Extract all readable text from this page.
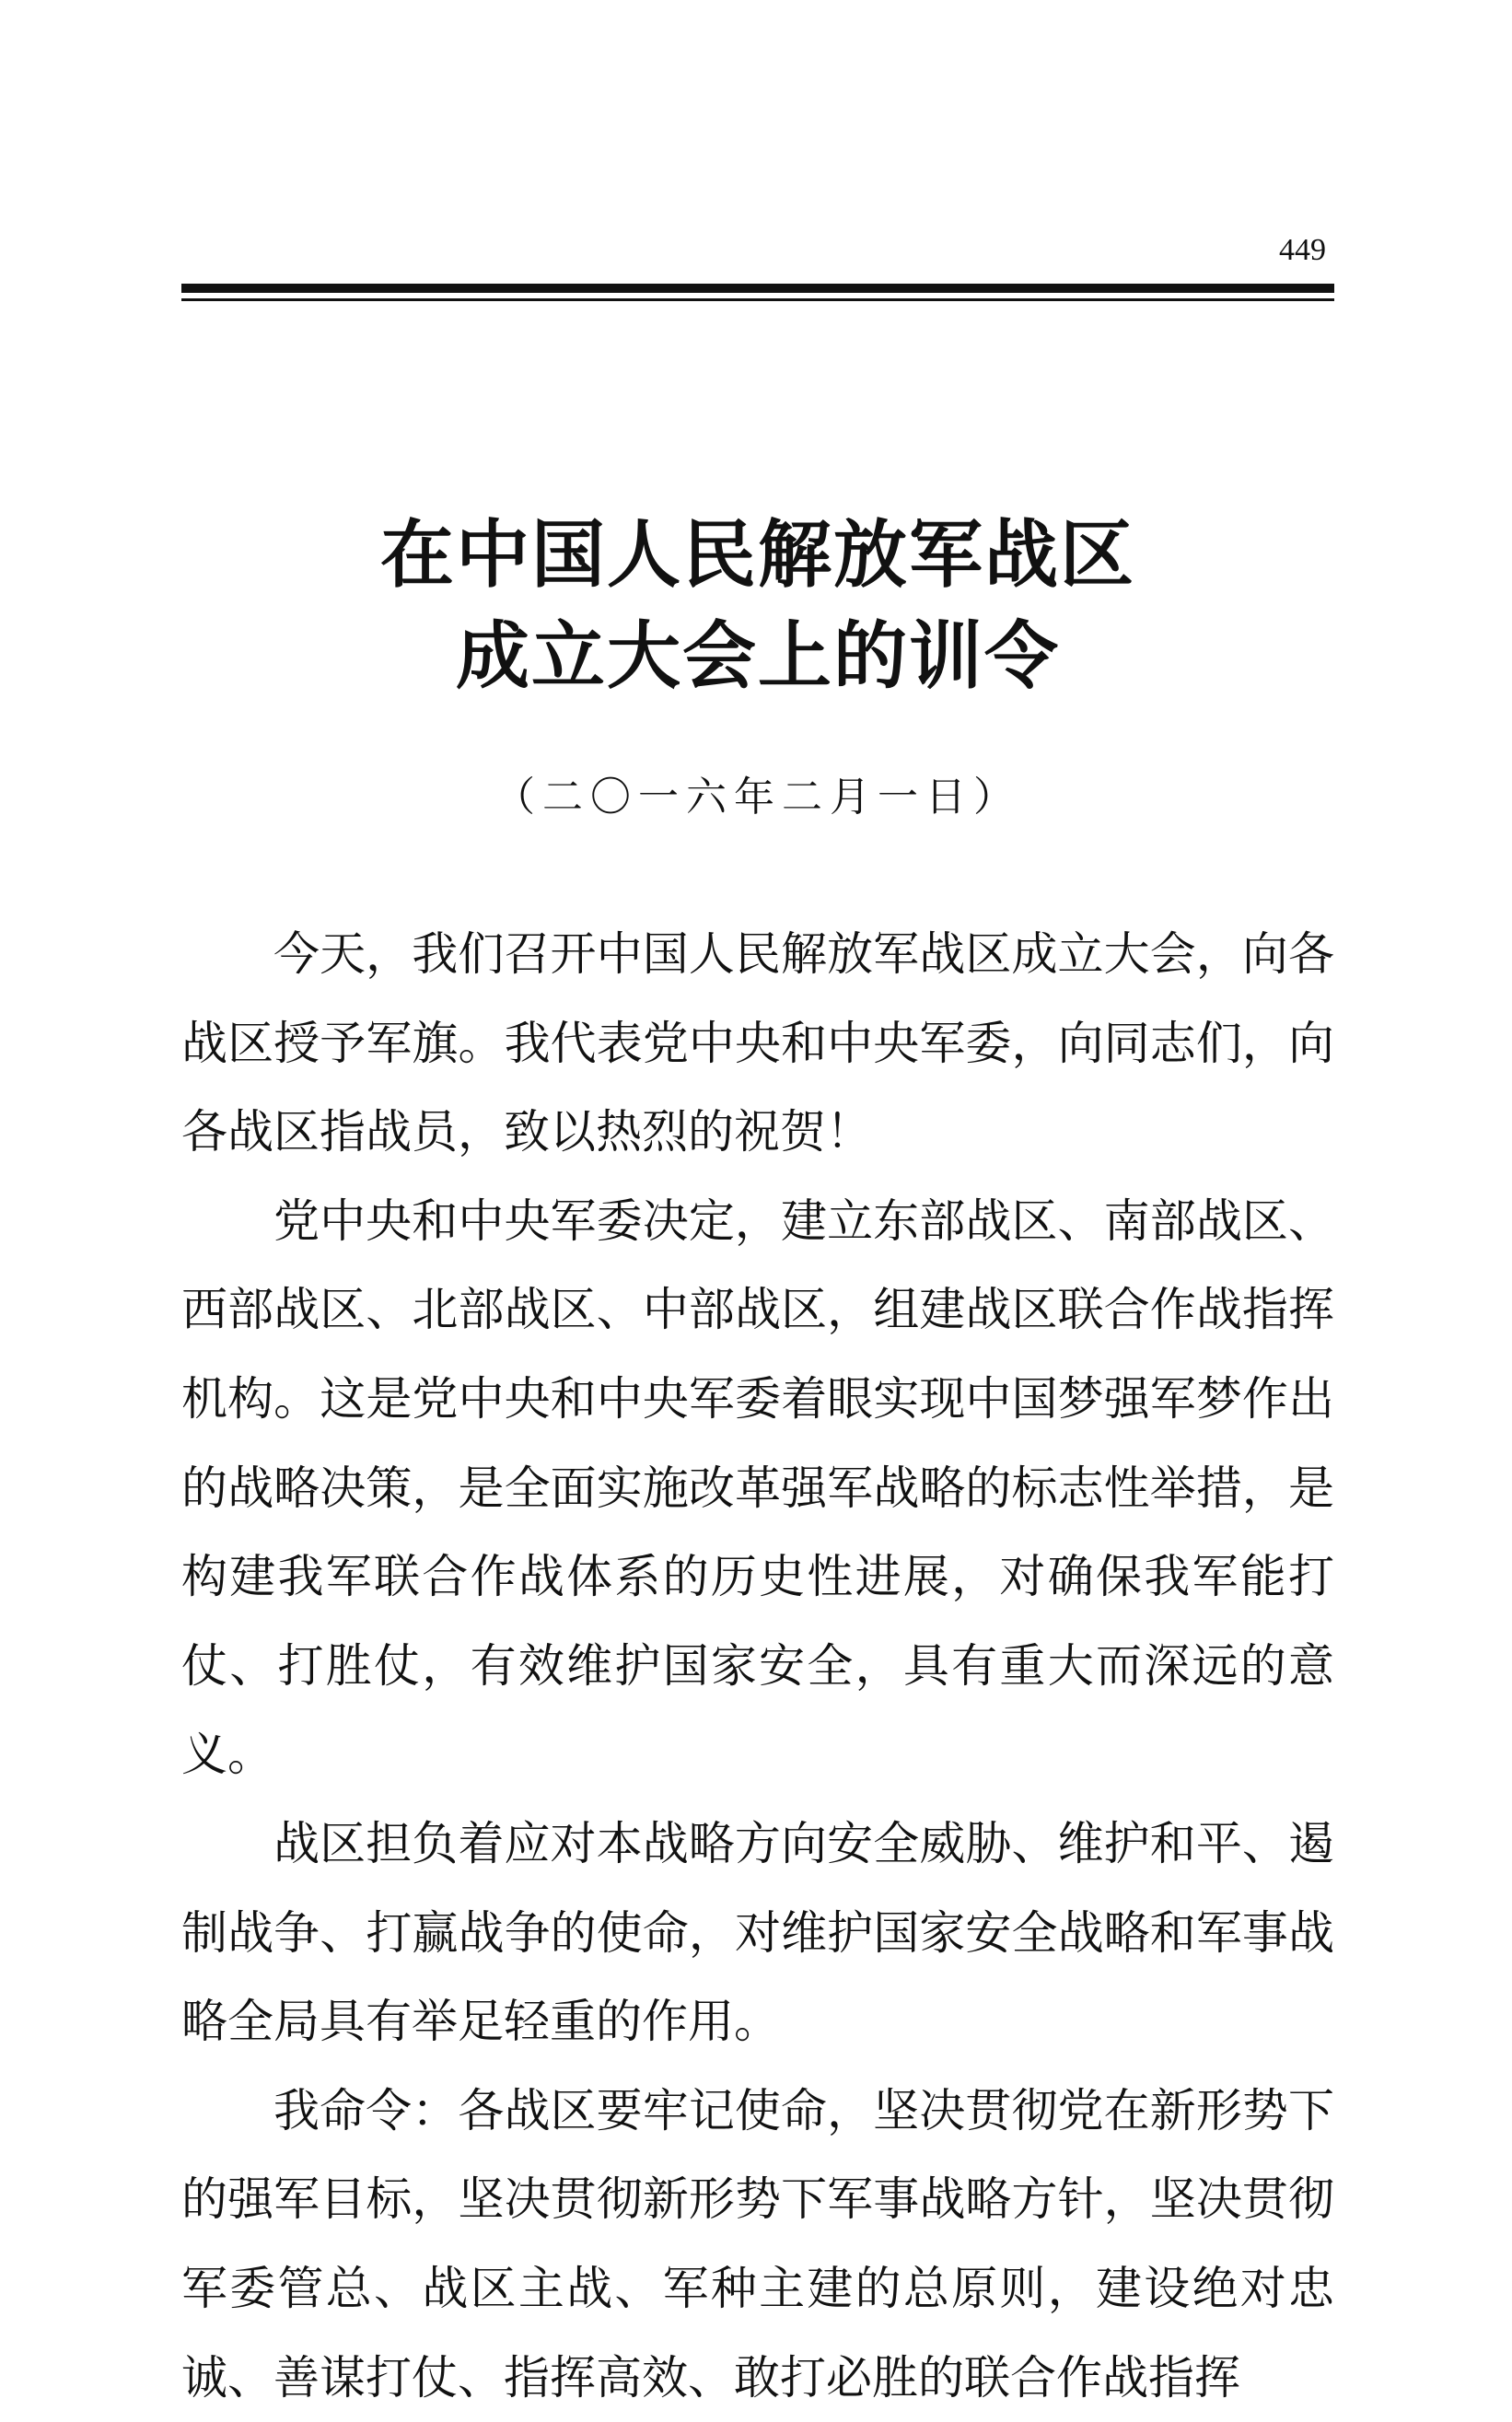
449
在中国人民解放军战区
成立大会上的训令
（二〇一六年二月一日）

今天，我们召开中国人民解放军战区成立大会，向各战区授予军旗。我代表党中央和中央军委，向同志们，向各战区指战员，致以热烈的祝贺！

党中央和中央军委决定，建立东部战区、南部战区、西部战区、北部战区、中部战区，组建战区联合作战指挥机构。这是党中央和中央军委着眼实现中国梦强军梦作出的战略决策，是全面实施改革强军战略的标志性举措，是构建我军联合作战体系的历史性进展，对确保我军能打仗、打胜仗，有效维护国家安全，具有重大而深远的意义。

战区担负着应对本战略方向安全威胁、维护和平、遏制战争、打赢战争的使命，对维护国家安全战略和军事战略全局具有举足轻重的作用。

我命令：各战区要牢记使命，坚决贯彻党在新形势下的强军目标，坚决贯彻新形势下军事战略方针，坚决贯彻军委管总、战区主战、军种主建的总原则，建设绝对忠诚、善谋打仗、指挥高效、敢打必胜的联合作战指挥
